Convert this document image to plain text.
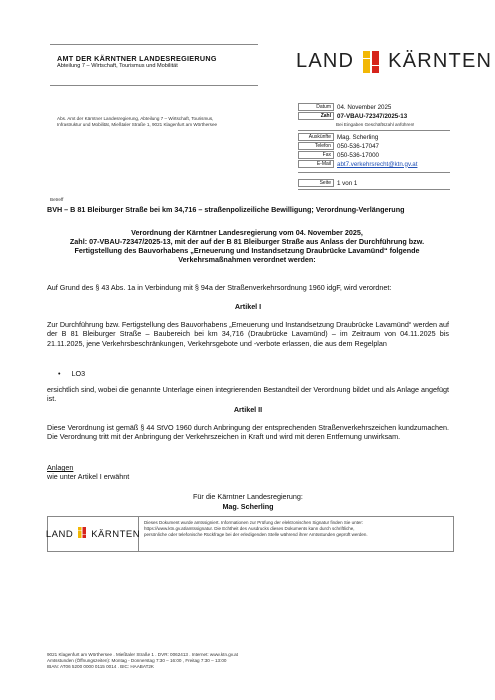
AMT DER KÄRNTNER LANDESREGIERUNG
Abteilung 7 – Wirtschaft, Tourismus und Mobilität	LAND KÄRNTEN
Abs. Amt der Kärntner Landesregierung, Abteilung 7 – Wirtschaft, Tourismus,
Infrastruktur und Mobilität, Mießtaler Straße 1, 9021 Klagenfurt am Wörthersee
Datum 04. November 2025
Zahl 07-VBAU-72347/2025-13
Bei Eingaben Geschäftszahl anführen!
Auskünfte Mag. Scherling
Telefon 050-536-17047
Fax 050-536-17000
E-Mail abt7.verkehrsrecht@ktn.gv.at
Seite 1 von 1
Betreff
BVH – B 81 Bleiburger Straße bei km 34,716 – straßenpolizeiliche Bewilligung; Verordnung-Verlängerung
Verordnung der Kärntner Landesregierung vom 04. November 2025,
Zahl: 07-VBAU-72347/2025-13, mit der auf der B 81 Bleiburger Straße aus Anlass der Durchführung bzw.
Fertigstellung des Bauvorhabens „Erneuerung und Instandsetzung Draubrücke Lavamünd“ folgende
Verkehrsmaßnahmen verordnet werden:
Auf Grund des § 43 Abs. 1a in Verbindung mit § 94a der Straßenverkehrsordnung 1960 idgF, wird verordnet:
Artikel I
Zur Durchführung bzw. Fertigstellung des Bauvorhabens „Erneuerung und Instandsetzung Draubrücke Lavamünd“ werden auf der B 81 Bleiburger Straße – Baubereich bei km 34,716 (Draubrücke Lavamünd) – im Zeitraum von 04.11.2025 bis 21.11.2025, jene Verkehrsbeschränkungen, Verkehrsgebote und -verbote erlassen, die aus dem Regelplan
• LO3
ersichtlich sind, wobei die genannte Unterlage einen integrierenden Bestandteil der Verordnung bildet und als Anlage angefügt ist.
Artikel II
Diese Verordnung ist gemäß § 44 StVO 1960 durch Anbringung der entsprechenden Straßenverkehrszeichen kundzumachen. Die Verordnung tritt mit der Anbringung der Verkehrszeichen in Kraft und wird mit deren Entfernung unwirksam.
Anlagen
wie unter Artikel I erwähnt
Für die Kärntner Landesregierung:
Mag. Scherling
LAND KÄRNTEN
Dieses Dokument wurde amtssigniert. Informationen zur Prüfung der elektronischen Signatur finden Sie unter:
https://www.ktn.gv.at/amtssignatur. Die Echtheit des Ausdrucks dieses Dokuments kann durch schriftliche,
persönliche oder telefonische Rückfrage bei der erledigenden Stelle während ihrer Amtsstunden geprüft werden.
9021 Klagenfurt am Wörthersee . Mießtaler Straße 1 . DVR: 0062413 . Internet: www.ktn.gv.at
Amtsstunden (Öffnungszeiten): Montag - Donnerstag 7:30 – 16:00 , Freitag 7:30 – 13:00
IBAN: AT06 5200 0000 0115 0014 . BIC: HAABAT2K
